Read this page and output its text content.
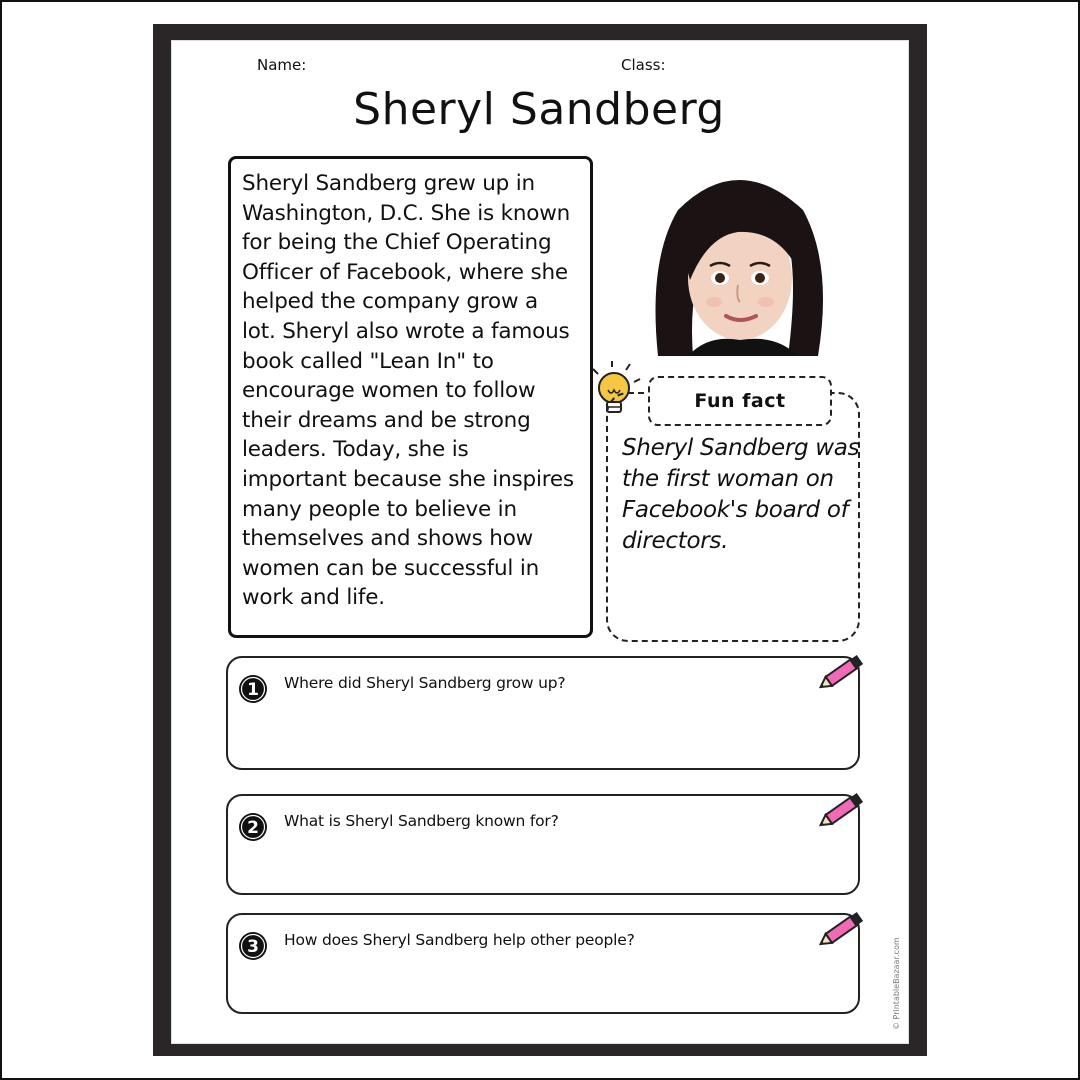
Name:	Class:
Sheryl Sandberg
Sheryl Sandberg grew up in Washington, D.C. She is known for being the Chief Operating Officer of Facebook, where she helped the company grow a lot. Sheryl also wrote a famous book called "Lean In" to encourage women to follow their dreams and be strong leaders. Today, she is important because she inspires many people to believe in themselves and shows how women can be successful in work and life.
Fun fact
Sheryl Sandberg was the first woman on Facebook's board of directors.
1 Where did Sheryl Sandberg grow up?
2 What is Sheryl Sandberg known for?
3 How does Sheryl Sandberg help other people?	© PrintableBazaar.com
